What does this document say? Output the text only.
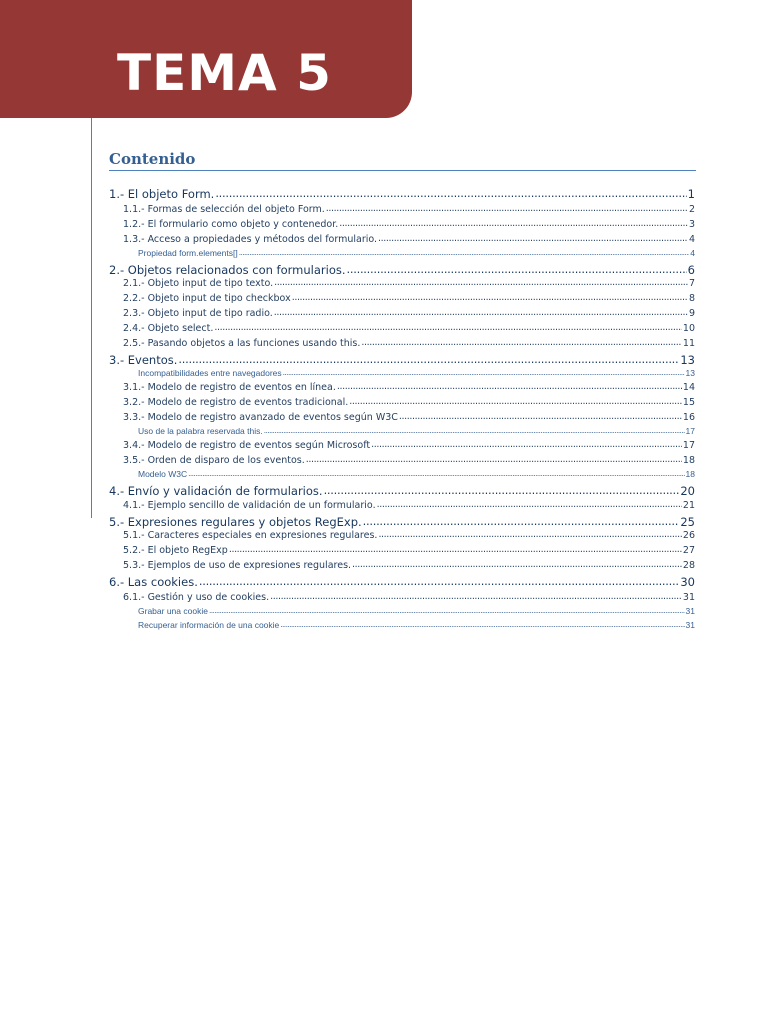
TEMA 5
Contenido
1.- El objeto Form. .....	1
1.1.- Formas de selección del objeto Form. .....	2
1.2.- El formulario como objeto y contenedor. .....	3
1.3.- Acceso a propiedades y métodos del formulario. .....	4
Propiedad form.elements[] .....	4
2.- Objetos relacionados con formularios. .....	6
2.1.- Objeto input de tipo texto. .....	7
2.2.- Objeto input de tipo checkbox .....	8
2.3.- Objeto input de tipo radio. .....	9
2.4.- Objeto select. .....	10
2.5.- Pasando objetos a las funciones usando this. .....	11
3.- Eventos. .....	13
Incompatibilidades entre navegadores .....	13
3.1.- Modelo de registro de eventos en línea. .....	14
3.2.- Modelo de registro de eventos tradicional. .....	15
3.3.- Modelo de registro avanzado de eventos según W3C .....	16
Uso de la palabra reservada this. .....	17
3.4.- Modelo de registro de eventos según Microsoft .....	17
3.5.- Orden de disparo de los eventos. .....	18
Modelo W3C .....	18
4.- Envío y validación de formularios. .....	20
4.1.- Ejemplo sencillo de validación de un formulario. .....	21
5.- Expresiones regulares y objetos RegExp. .....	25
5.1.- Caracteres especiales en expresiones regulares. .....	26
5.2.- El objeto RegExp .....	27
5.3.- Ejemplos de uso de expresiones regulares. .....	28
6.- Las cookies. .....	30
6.1.- Gestión y uso de cookies. .....	31
Grabar una cookie .....	31
Recuperar información de una cookie .....	31
